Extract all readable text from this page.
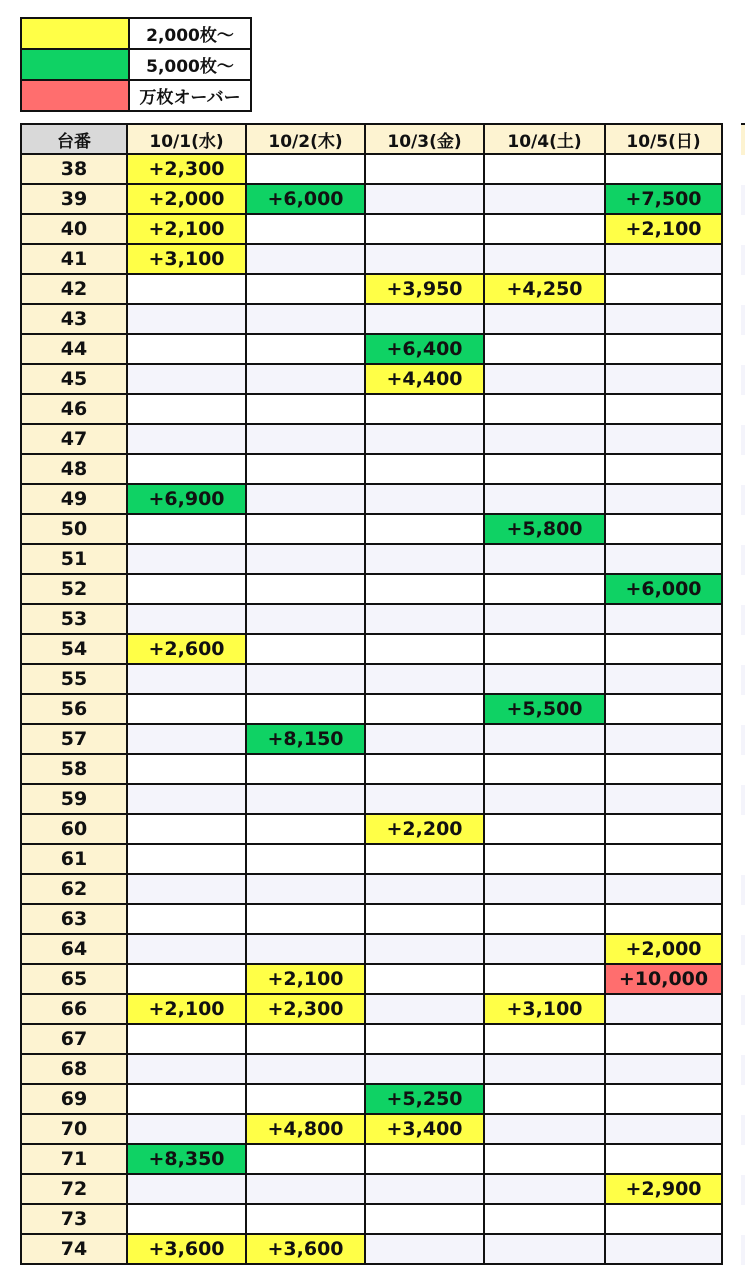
	2,000枚〜
	5,000枚〜
	万枚オーバー
台番	10/1(水)	10/2(木)	10/3(金)	10/4(土)	10/5(日)
38	+2,300				
39	+2,000	+6,000			+7,500
40	+2,100				+2,100
41	+3,100				
42			+3,950	+4,250	
43					
44			+6,400		
45			+4,400		
46					
47					
48					
49	+6,900				
50				+5,800	
51					
52					+6,000
53					
54	+2,600				
55					
56				+5,500	
57		+8,150			
58					
59					
60			+2,200		
61					
62					
63					
64					+2,000
65		+2,100			+10,000
66	+2,100	+2,300		+3,100	
67					
68					
69			+5,250		
70		+4,800	+3,400		
71	+8,350				
72					+2,900
73					
74	+3,600	+3,600			
